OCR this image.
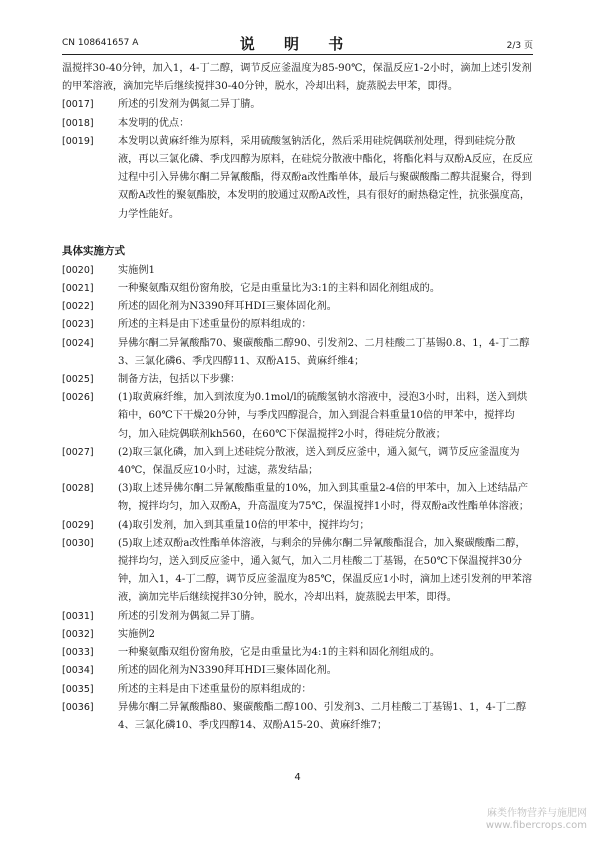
CN 108641657 A	说 明 书	2/3 页
温搅拌30-40分钟，加入1，4-丁二醇，调节反应釜温度为85-90℃，保温反应1-2小时，滴加上述引发剂的甲苯溶液，滴加完毕后继续搅拌30-40分钟，脱水，冷却出料，旋蒸脱去甲苯，即得。
[0017]	所述的引发剂为偶氮二异丁腈。
[0018]	本发明的优点：
[0019]	本发明以黄麻纤维为原料，采用硫酸氢钠活化，然后采用硅烷偶联剂处理，得到硅烷分散液，再以三氯化磷、季戊四醇为原料，在硅烷分散液中酯化，将酯化料与双酚A反应，在反应过程中引入异佛尔酮二异氰酸酯，得双酚a改性酯单体，最后与聚碳酸酯二醇共混聚合，得到双酚A改性的聚氨酯胶，本发明的胶通过双酚A改性，具有很好的耐热稳定性，抗张强度高，力学性能好。
具体实施方式
[0020]	实施例1
[0021]	一种聚氨酯双组份窗角胶，它是由重量比为3:1的主料和固化剂组成的。
[0022]	所述的固化剂为N3390拜耳HDI三聚体固化剂。
[0023]	所述的主料是由下述重量份的原料组成的：
[0024]	异佛尔酮二异氰酸酯70、聚碳酸酯二醇90、引发剂2、二月桂酸二丁基锡0.8、1，4-丁二醇3、三氯化磷6、季戊四醇11、双酚A15、黄麻纤维4；
[0025]	制备方法，包括以下步骤：
[0026]	(1)取黄麻纤维，加入到浓度为0.1mol/l的硫酸氢钠水溶液中，浸泡3小时，出料，送入到烘箱中，60℃下干燥20分钟，与季戊四醇混合，加入到混合料重量10倍的甲苯中，搅拌均匀，加入硅烷偶联剂kh560，在60℃下保温搅拌2小时，得硅烷分散液；
[0027]	(2)取三氯化磷，加入到上述硅烷分散液，送入到反应釜中，通入氮气，调节反应釜温度为40℃，保温反应10小时，过滤，蒸发结晶；
[0028]	(3)取上述异佛尔酮二异氰酸酯重量的10%，加入到其重量2-4倍的甲苯中，加入上述结晶产物，搅拌均匀，加入双酚A，升高温度为75℃，保温搅拌1小时，得双酚a改性酯单体溶液；
[0029]	(4)取引发剂，加入到其重量10倍的甲苯中，搅拌均匀；
[0030]	(5)取上述双酚a改性酯单体溶液，与剩余的异佛尔酮二异氰酸酯混合，加入聚碳酸酯二醇，搅拌均匀，送入到反应釜中，通入氮气，加入二月桂酸二丁基锡，在50℃下保温搅拌30分钟，加入1，4-丁二醇，调节反应釜温度为85℃，保温反应1小时，滴加上述引发剂的甲苯溶液，滴加完毕后继续搅拌30分钟，脱水，冷却出料，旋蒸脱去甲苯，即得。
[0031]	所述的引发剂为偶氮二异丁腈。
[0032]	实施例2
[0033]	一种聚氨酯双组份窗角胶，它是由重量比为4:1的主料和固化剂组成的。
[0034]	所述的固化剂为N3390拜耳HDI三聚体固化剂。
[0035]	所述的主料是由下述重量份的原料组成的：
[0036]	异佛尔酮二异氰酸酯80、聚碳酸酯二醇100、引发剂3、二月桂酸二丁基锡1、1，4-丁二醇4、三氯化磷10、季戊四醇14、双酚A15-20、黄麻纤维7；
4
麻类作物营养与施肥网
www.fibercrops.com
